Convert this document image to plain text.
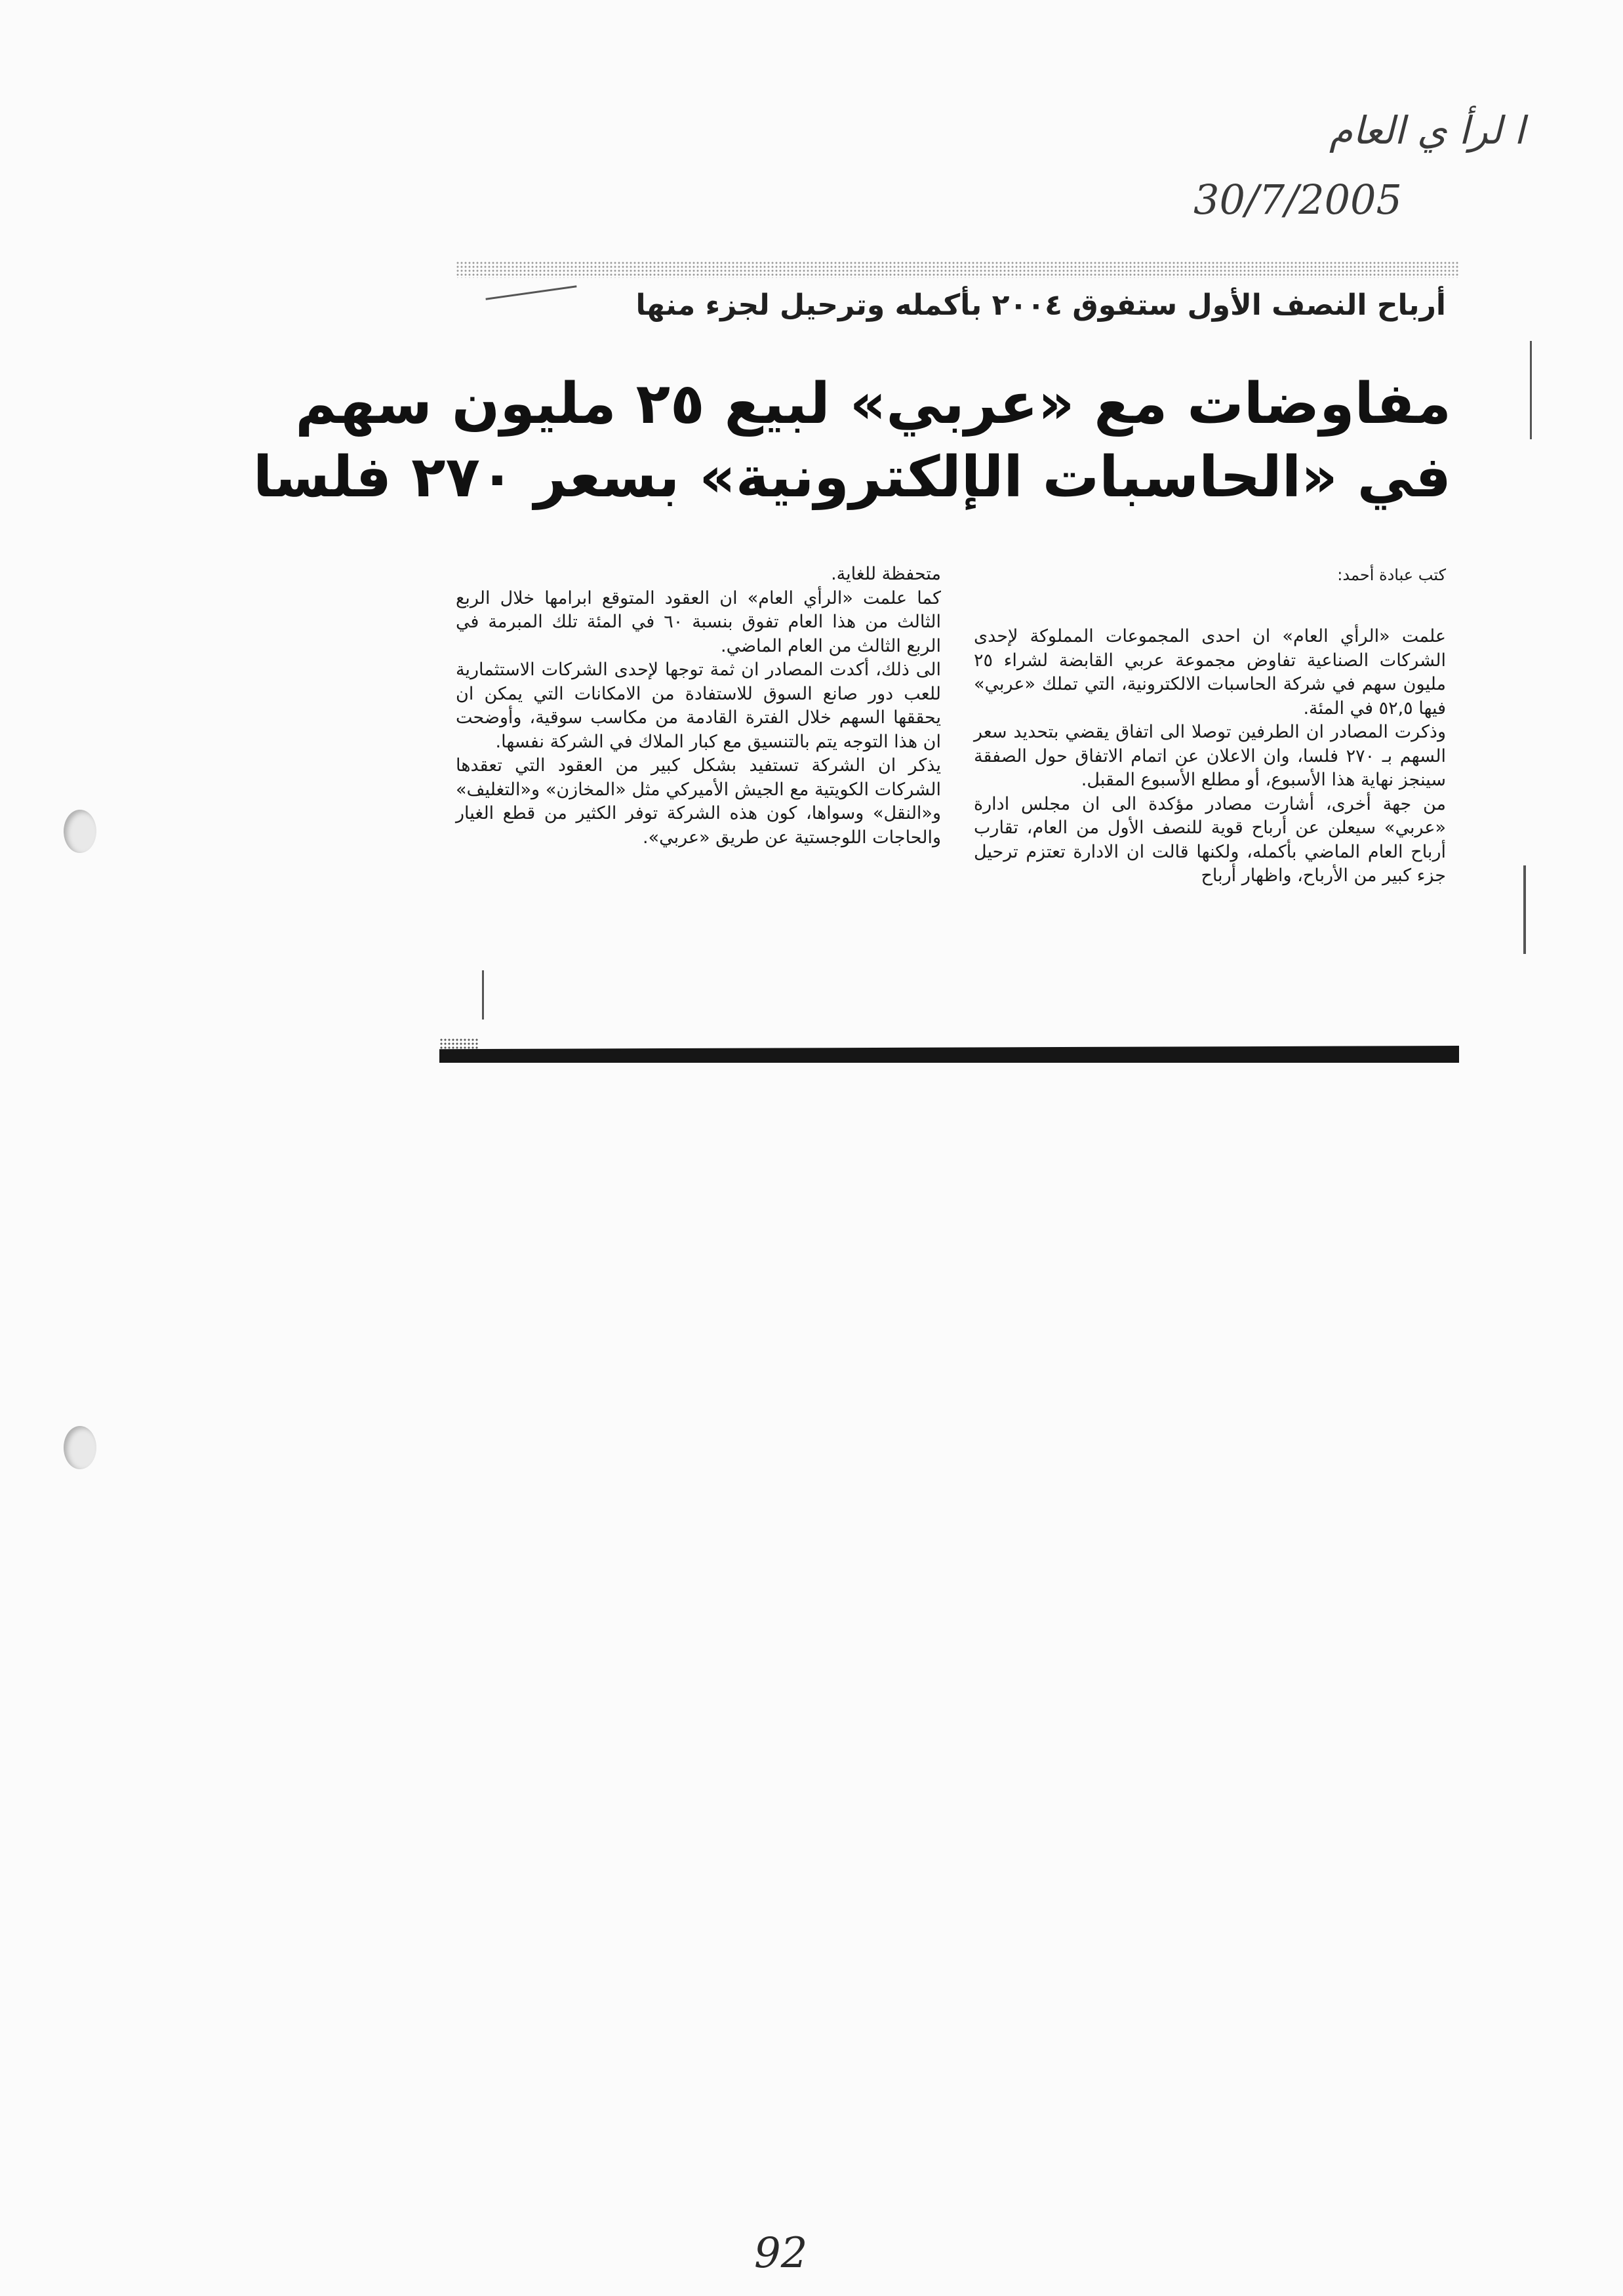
ا لرأ ي العام
30/7/2005
أرباح النصف الأول ستفوق ٢٠٠٤ بأكمله وترحيل لجزء منها
مفاوضات مع «عربي» لبيع ٢٥ مليون سهم
في «الحاسبات الإلكترونية» بسعر ٢٧٠ فلسا
كتب عبادة أحمد:

علمت «الرأي العام» ان احدى المجموعات المملوكة لإحدى الشركات الصناعية تفاوض مجموعة عربي القابضة لشراء ٢٥ مليون سهم في شركة الحاسبات الالكترونية، التي تملك «عربي» فيها ٥٢,٥ في المئة.

وذكرت المصادر ان الطرفين توصلا الى اتفاق يقضي بتحديد سعر السهم بـ ٢٧٠ فلسا، وان الاعلان عن اتمام الاتفاق حول الصفقة سينجز نهاية هذا الأسبوع، أو مطلع الأسبوع المقبل.

من جهة أخرى، أشارت مصادر مؤكدة الى ان مجلس ادارة «عربي» سيعلن عن أرباح قوية للنصف الأول من العام، تقارب أرباح العام الماضي بأكمله، ولكنها قالت ان الادارة تعتزم ترحيل جزء كبير من الأرباح، واظهار أرباح

متحفظة للغاية.

كما علمت «الرأي العام» ان العقود المتوقع ابرامها خلال الربع الثالث من هذا العام تفوق بنسبة ٦٠ في المئة تلك المبرمة في الربع الثالث من العام الماضي.

الى ذلك، أكدت المصادر ان ثمة توجها لإحدى الشركات الاستثمارية للعب دور صانع السوق للاستفادة من الامكانات التي يمكن ان يحققها السهم خلال الفترة القادمة من مكاسب سوقية، وأوضحت ان هذا التوجه يتم بالتنسيق مع كبار الملاك في الشركة نفسها.

يذكر ان الشركة تستفيد بشكل كبير من العقود التي تعقدها الشركات الكويتية مع الجيش الأميركي مثل «المخازن» و«التغليف» و«النقل» وسواها، كون هذه الشركة توفر الكثير من قطع الغيار والحاجات اللوجستية عن طريق «عربي».

92
